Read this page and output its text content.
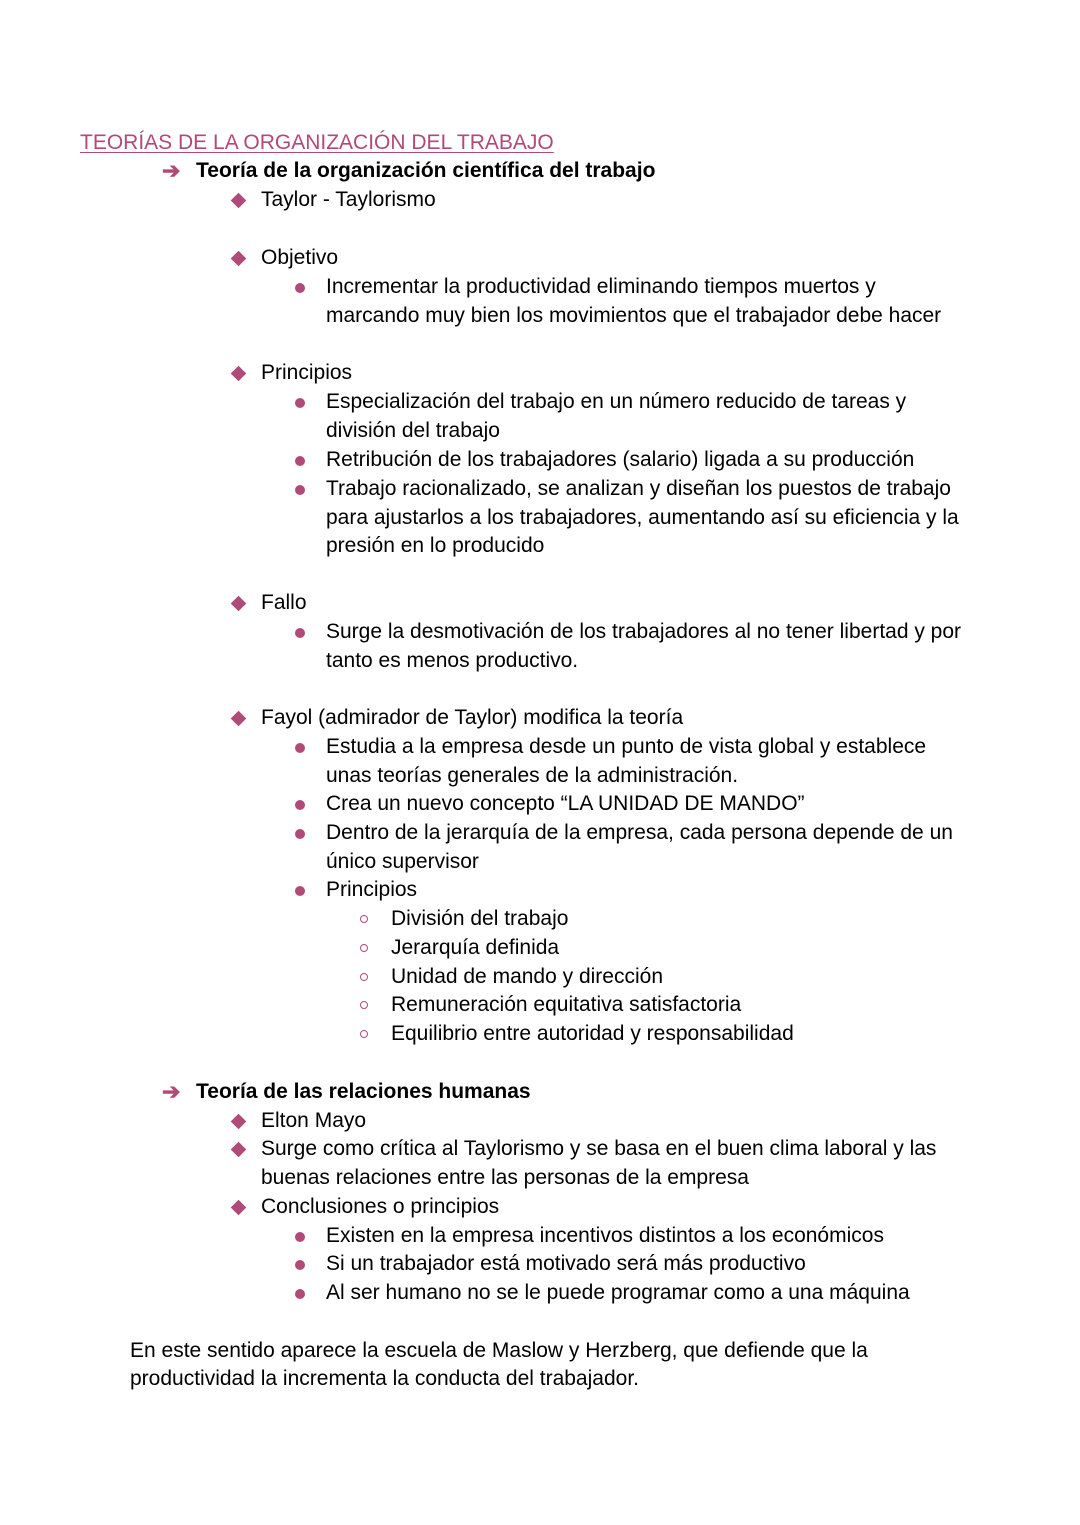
TEORÍAS DE LA ORGANIZACIÓN DEL TRABAJO
➔ Teoría de la organización científica del trabajo
Taylor - Taylorismo
Objetivo
Incrementar la productividad eliminando tiempos muertos y
marcando muy bien los movimientos que el trabajador debe hacer
Principios
Especialización del trabajo en un número reducido de tareas y
división del trabajo
Retribución de los trabajadores (salario) ligada a su producción
Trabajo racionalizado, se analizan y diseñan los puestos de trabajo
para ajustarlos a los trabajadores, aumentando así su eficiencia y la
presión en lo producido
Fallo
Surge la desmotivación de los trabajadores al no tener libertad y por
tanto es menos productivo.
Fayol (admirador de Taylor) modifica la teoría
Estudia a la empresa desde un punto de vista global y establece
unas teorías generales de la administración.
Crea un nuevo concepto “LA UNIDAD DE MANDO”
Dentro de la jerarquía de la empresa, cada persona depende de un
único supervisor
Principios
División del trabajo
Jerarquía definida
Unidad de mando y dirección
Remuneración equitativa satisfactoria
Equilibrio entre autoridad y responsabilidad
➔ Teoría de las relaciones humanas
Elton Mayo
Surge como crítica al Taylorismo y se basa en el buen clima laboral y las
buenas relaciones entre las personas de la empresa
Conclusiones o principios
Existen en la empresa incentivos distintos a los económicos
Si un trabajador está motivado será más productivo
Al ser humano no se le puede programar como a una máquina
En este sentido aparece la escuela de Maslow y Herzberg, que defiende que la
productividad la incrementa la conducta del trabajador.
